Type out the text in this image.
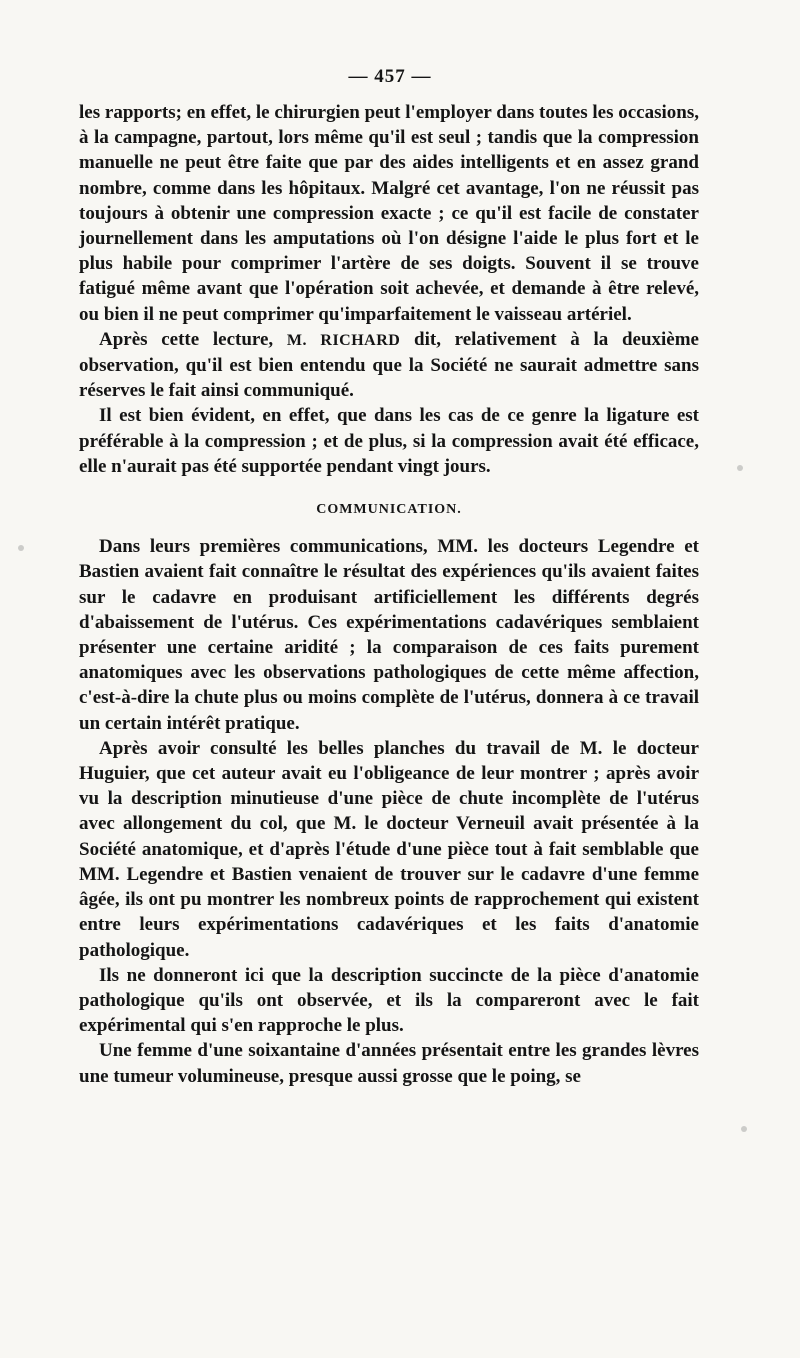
— 457 —

les rapports; en effet, le chirurgien peut l'employer dans toutes les occasions, à la campagne, partout, lors même qu'il est seul ; tandis que la compression manuelle ne peut être faite que par des aides intelligents et en assez grand nombre, comme dans les hôpitaux. Malgré cet avantage, l'on ne réussit pas toujours à obtenir une compression exacte ; ce qu'il est facile de constater journellement dans les amputations où l'on désigne l'aide le plus fort et le plus habile pour comprimer l'artère de ses doigts. Souvent il se trouve fatigué même avant que l'opération soit achevée, et demande à être relevé, ou bien il ne peut comprimer qu'imparfaitement le vaisseau artériel.

Après cette lecture, M. RICHARD dit, relativement à la deuxième observation, qu'il est bien entendu que la Société ne saurait admettre sans réserves le fait ainsi communiqué.

Il est bien évident, en effet, que dans les cas de ce genre la ligature est préférable à la compression ; et de plus, si la compression avait été efficace, elle n'aurait pas été supportée pendant vingt jours.

COMMUNICATION.

Dans leurs premières communications, MM. les docteurs Legendre et Bastien avaient fait connaître le résultat des expériences qu'ils avaient faites sur le cadavre en produisant artificiellement les différents degrés d'abaissement de l'utérus. Ces expérimentations cadavériques semblaient présenter une certaine aridité ; la comparaison de ces faits purement anatomiques avec les observations pathologiques de cette même affection, c'est-à-dire la chute plus ou moins complète de l'utérus, donnera à ce travail un certain intérêt pratique.

Après avoir consulté les belles planches du travail de M. le docteur Huguier, que cet auteur avait eu l'obligeance de leur montrer ; après avoir vu la description minutieuse d'une pièce de chute incomplète de l'utérus avec allongement du col, que M. le docteur Verneuil avait présentée à la Société anatomique, et d'après l'étude d'une pièce tout à fait semblable que MM. Legendre et Bastien venaient de trouver sur le cadavre d'une femme âgée, ils ont pu montrer les nombreux points de rapprochement qui existent entre leurs expérimentations cadavériques et les faits d'anatomie pathologique.

Ils ne donneront ici que la description succincte de la pièce d'anatomie pathologique qu'ils ont observée, et ils la compareront avec le fait expérimental qui s'en rapproche le plus.

Une femme d'une soixantaine d'années présentait entre les grandes lèvres une tumeur volumineuse, presque aussi grosse que le poing, se
